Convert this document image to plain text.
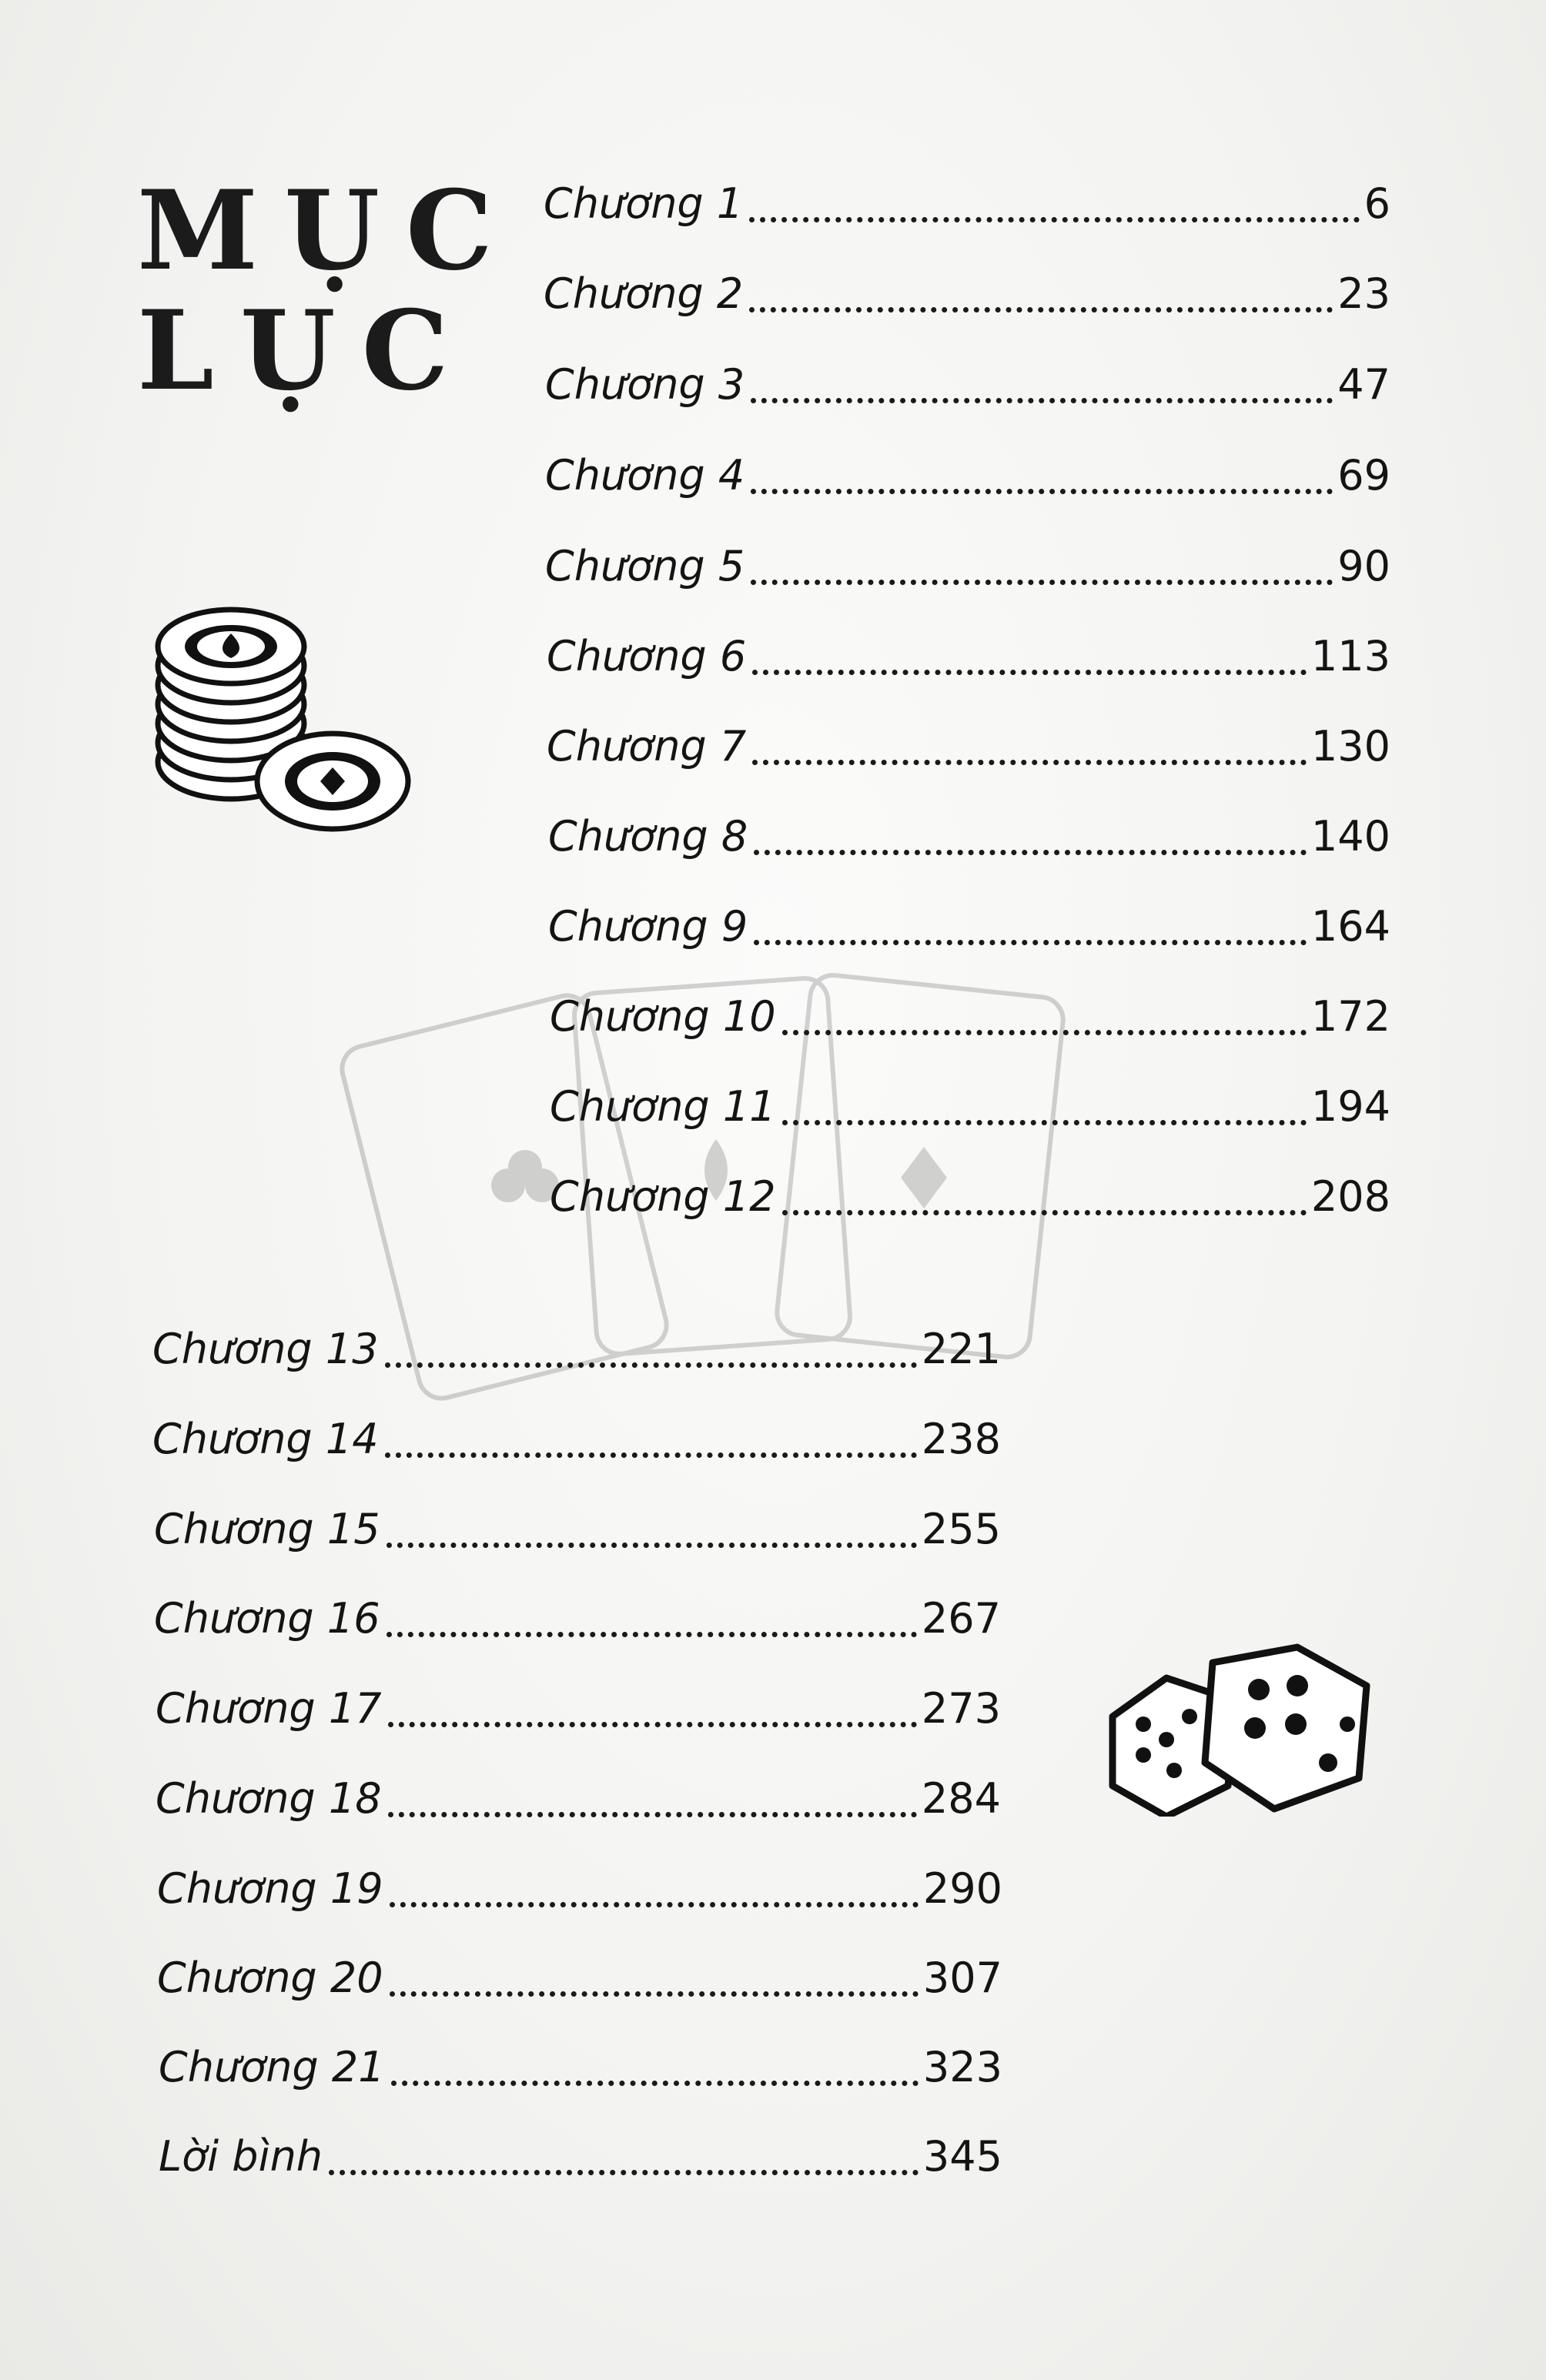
MỤC
LỤC
Chương 1	6
Chương 2	23
Chương 3	47
Chương 4	69
Chương 5	90
Chương 6	113
Chương 7	130
Chương 8	140
Chương 9	164
Chương 10	172
Chương 11	194
Chương 12	208
Chương 13	221
Chương 14	238
Chương 15	255
Chương 16	267
Chương 17	273
Chương 18	284
Chương 19	290
Chương 20	307
Chương 21	323
Lời bình	345
